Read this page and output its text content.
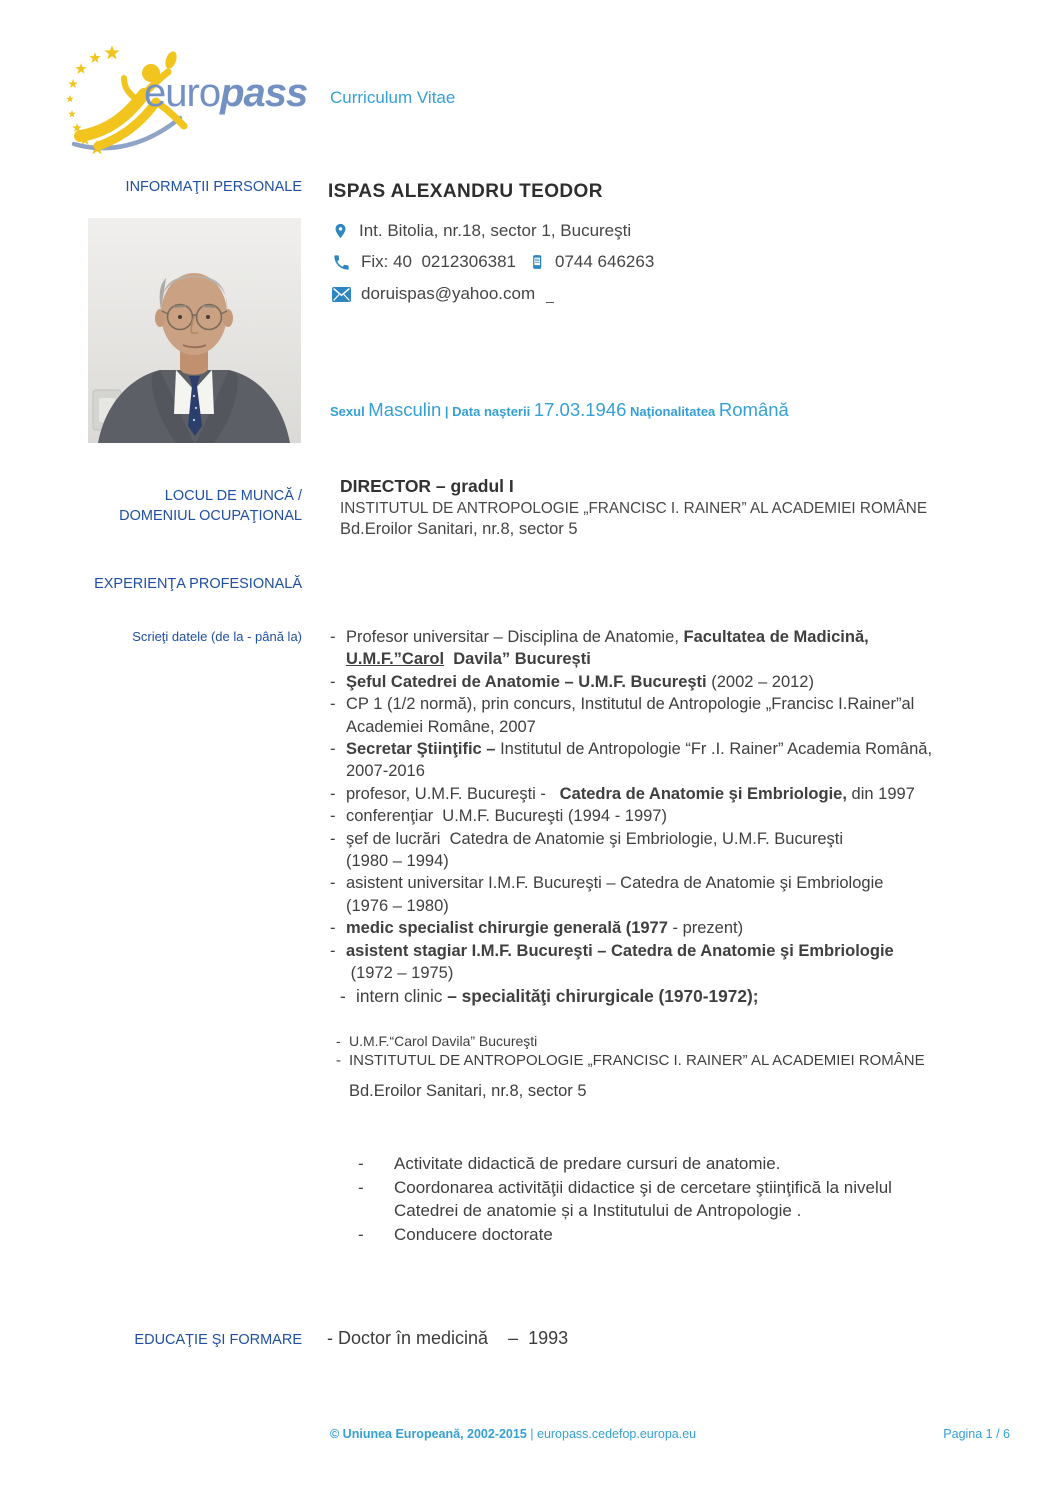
europass Curriculum Vitae
INFORMAŢII PERSONALE
LOCUL DE MUNCĂ /
DOMENIUL OCUPAŢIONAL
EXPERIENŢA PROFESIONALĂ
Scrieţi datele (de la - până la)
EDUCAŢIE ŞI FORMARE
ISPAS ALEXANDRU TEODOR
Int. Bitolia, nr.18, sector 1, Bucureşti
Fix: 40  0212306381 0744 646263
doruispas@yahoo.com
Sexul Masculin | Data naşterii 17.03.1946 Naţionalitatea Română
DIRECTOR – gradul I
INSTITUTUL DE ANTROPOLOGIE „FRANCISC I. RAINER” AL ACADEMIEI ROMÂNE
Bd.Eroilor Sanitari, nr.8, sector 5
- Profesor universitar – Disciplina de Anatomie, Facultatea de Madicină,
U.M.F.”Carol  Davila” București
- Şeful Catedrei de Anatomie – U.M.F. Bucureşti (2002 – 2012)
- CP 1 (1/2 normă), prin concurs, Institutul de Antropologie „Francisc I.Rainer”al
Academiei Române, 2007
- Secretar Ştiinţific – Institutul de Antropologie “Fr .I. Rainer” Academia Română,
2007-2016
- profesor, U.M.F. Bucureşti -   Catedra de Anatomie şi Embriologie, din 1997
- conferenţiar  U.M.F. Bucureşti (1994 - 1997)
- şef de lucrări  Catedra de Anatomie şi Embriologie, U.M.F. Bucureşti
(1980 – 1994)
- asistent universitar I.M.F. Bucureşti – Catedra de Anatomie şi Embriologie
(1976 – 1980)
- medic specialist chirurgie generală (1977 - prezent)
- asistent stagiar I.M.F. Bucureşti – Catedra de Anatomie şi Embriologie
(1972 – 1975)
- intern clinic – specialităţi chirurgicale (1970-1972);
- U.M.F.“Carol Davila” Bucureşti
- INSTITUTUL DE ANTROPOLOGIE „FRANCISC I. RAINER” AL ACADEMIEI ROMÂNE
Bd.Eroilor Sanitari, nr.8, sector 5
-	Activitate didactică de predare cursuri de anatomie.
-	Coordonarea activităţii didactice şi de cercetare ştiinţifică la nivelul
Catedrei de anatomie și a Institutului de Antropologie .
-	Conducere doctorate
- Doctor în medicină    –  1993
© Uniunea Europeană, 2002-2015 | europass.cedefop.europa.eu	Pagina 1 / 6
